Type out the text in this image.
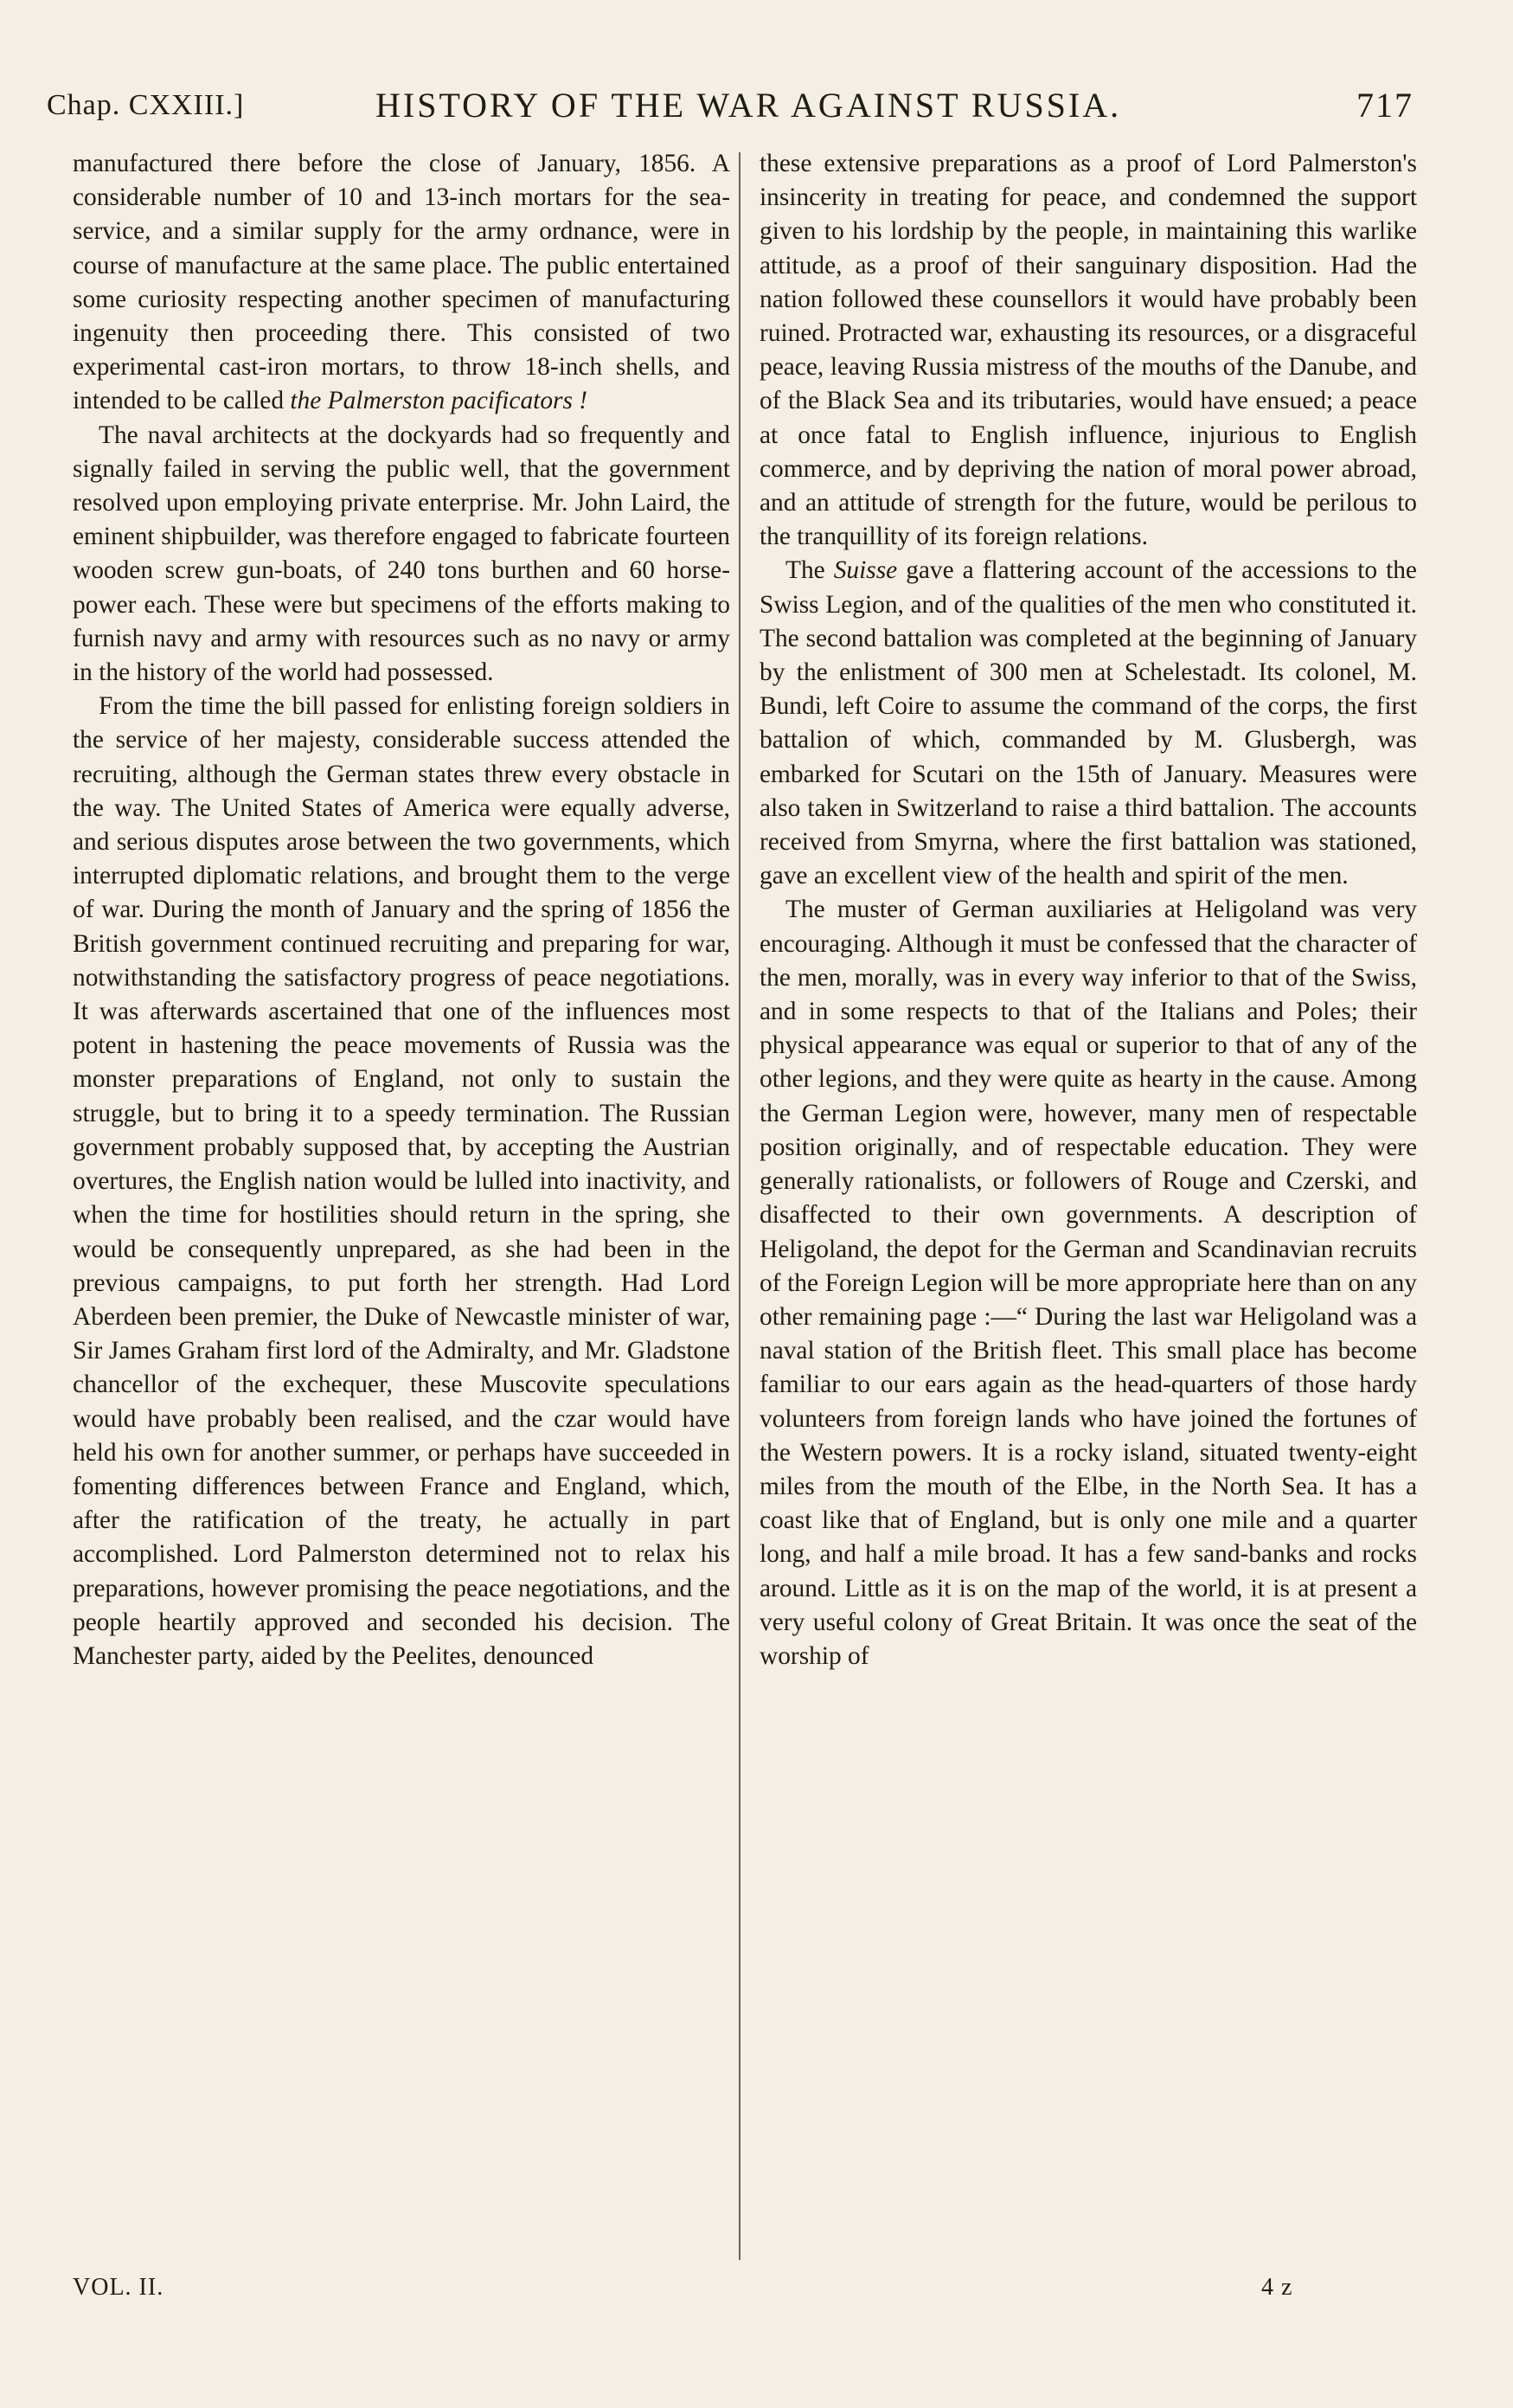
Chap. CXXIII.]	HISTORY OF THE WAR AGAINST RUSSIA.	717

manufactured there before the close of January, 1856. A considerable number of 10 and 13-inch mortars for the sea-service, and a similar supply for the army ordnance, were in course of manufacture at the same place. The public entertained some curiosity respecting another specimen of manufacturing ingenuity then proceeding there. This consisted of two experimental cast-iron mortars, to throw 18-inch shells, and intended to be called the Palmerston pacificators !

The naval architects at the dockyards had so frequently and signally failed in serving the public well, that the government resolved upon employing private enterprise. Mr. John Laird, the eminent shipbuilder, was therefore engaged to fabricate fourteen wooden screw gun-boats, of 240 tons burthen and 60 horse-power each. These were but specimens of the efforts making to furnish navy and army with resources such as no navy or army in the history of the world had possessed.

From the time the bill passed for enlisting foreign soldiers in the service of her majesty, considerable success attended the recruiting, although the German states threw every obstacle in the way. The United States of America were equally adverse, and serious disputes arose between the two governments, which interrupted diplomatic relations, and brought them to the verge of war. During the month of January and the spring of 1856 the British government continued recruiting and preparing for war, notwithstanding the satisfactory progress of peace negotiations. It was afterwards ascertained that one of the influences most potent in hastening the peace movements of Russia was the monster preparations of England, not only to sustain the struggle, but to bring it to a speedy termination. The Russian government probably supposed that, by accepting the Austrian overtures, the English nation would be lulled into inactivity, and when the time for hostilities should return in the spring, she would be consequently unprepared, as she had been in the previous campaigns, to put forth her strength. Had Lord Aberdeen been premier, the Duke of Newcastle minister of war, Sir James Graham first lord of the Admiralty, and Mr. Gladstone chancellor of the exchequer, these Muscovite speculations would have probably been realised, and the czar would have held his own for another summer, or perhaps have succeeded in fomenting differences between France and England, which, after the ratification of the treaty, he actually in part accomplished. Lord Palmerston determined not to relax his preparations, however promising the peace negotiations, and the people heartily approved and seconded his decision. The Manchester party, aided by the Peelites, denounced

these extensive preparations as a proof of Lord Palmerston's insincerity in treating for peace, and condemned the support given to his lordship by the people, in maintaining this warlike attitude, as a proof of their sanguinary disposition. Had the nation followed these counsellors it would have probably been ruined. Protracted war, exhausting its resources, or a disgraceful peace, leaving Russia mistress of the mouths of the Danube, and of the Black Sea and its tributaries, would have ensued; a peace at once fatal to English influence, injurious to English commerce, and by depriving the nation of moral power abroad, and an attitude of strength for the future, would be perilous to the tranquillity of its foreign relations.

The Suisse gave a flattering account of the accessions to the Swiss Legion, and of the qualities of the men who constituted it. The second battalion was completed at the beginning of January by the enlistment of 300 men at Schelestadt. Its colonel, M. Bundi, left Coire to assume the command of the corps, the first battalion of which, commanded by M. Glusbergh, was embarked for Scutari on the 15th of January. Measures were also taken in Switzerland to raise a third battalion. The accounts received from Smyrna, where the first battalion was stationed, gave an excellent view of the health and spirit of the men.

The muster of German auxiliaries at Heligoland was very encouraging. Although it must be confessed that the character of the men, morally, was in every way inferior to that of the Swiss, and in some respects to that of the Italians and Poles; their physical appearance was equal or superior to that of any of the other legions, and they were quite as hearty in the cause. Among the German Legion were, however, many men of respectable position originally, and of respectable education. They were generally rationalists, or followers of Rouge and Czerski, and disaffected to their own governments. A description of Heligoland, the depot for the German and Scandinavian recruits of the Foreign Legion will be more appropriate here than on any other remaining page :—“ During the last war Heligoland was a naval station of the British fleet. This small place has become familiar to our ears again as the head-quarters of those hardy volunteers from foreign lands who have joined the fortunes of the Western powers. It is a rocky island, situated twenty-eight miles from the mouth of the Elbe, in the North Sea. It has a coast like that of England, but is only one mile and a quarter long, and half a mile broad. It has a few sand-banks and rocks around. Little as it is on the map of the world, it is at present a very useful colony of Great Britain. It was once the seat of the worship of

VOL. II.	4 z
